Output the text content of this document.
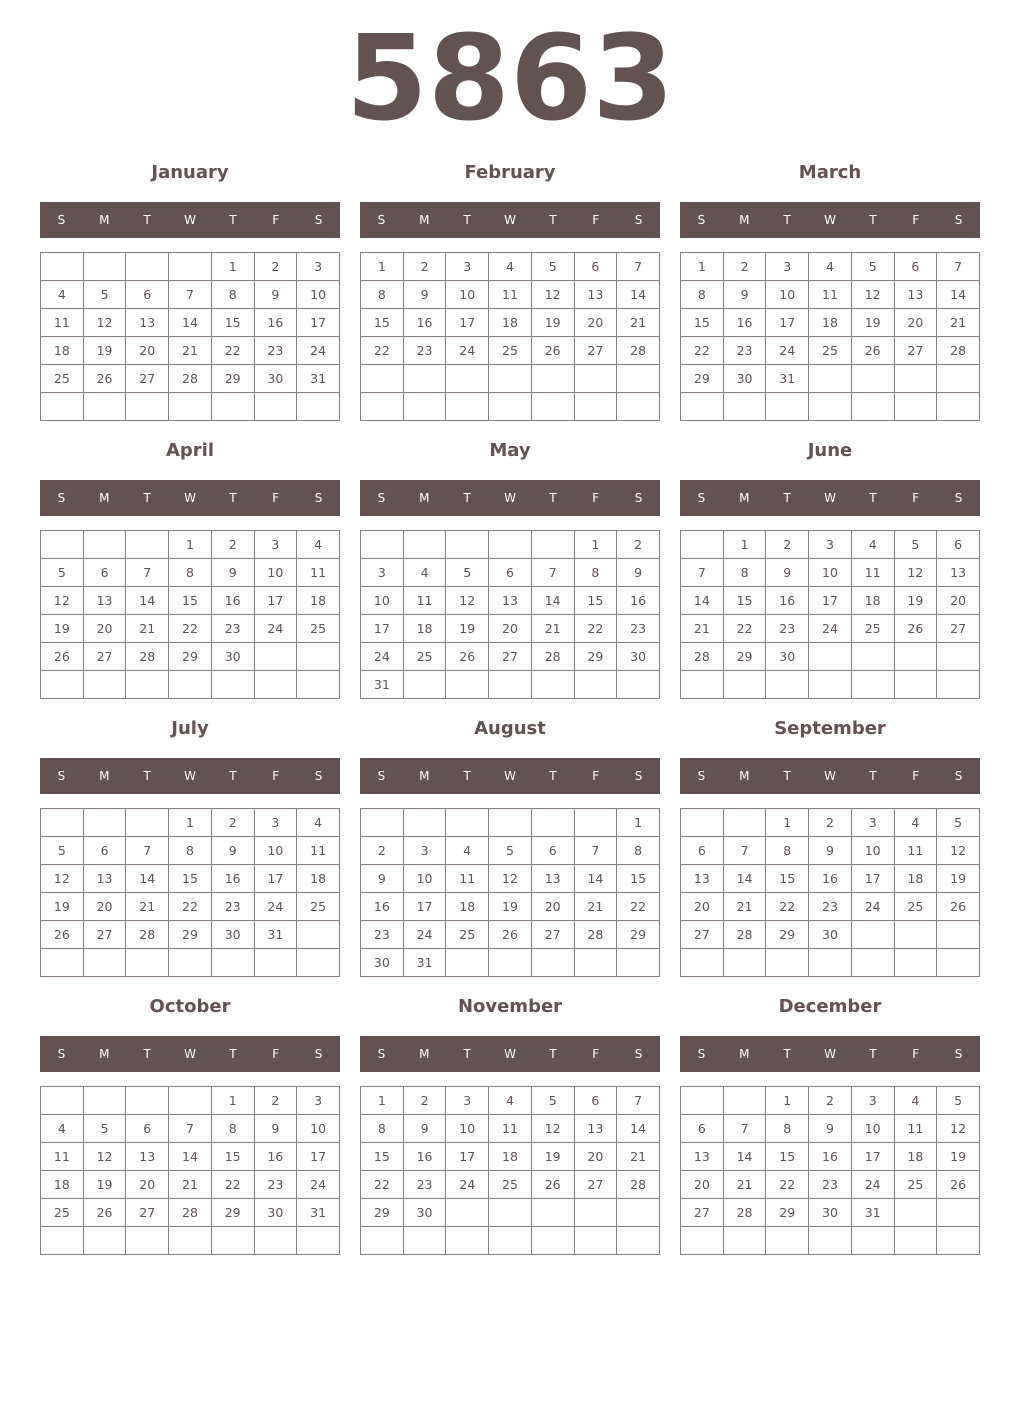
5863
January
S	M	T	W	T	F	S
				1	2	3
4	5	6	7	8	9	10
11	12	13	14	15	16	17
18	19	20	21	22	23	24
25	26	27	28	29	30	31

February
S	M	T	W	T	F	S
1	2	3	4	5	6	7
8	9	10	11	12	13	14
15	16	17	18	19	20	21
22	23	24	25	26	27	28

March
S	M	T	W	T	F	S
1	2	3	4	5	6	7
8	9	10	11	12	13	14
15	16	17	18	19	20	21
22	23	24	25	26	27	28
29	30	31				

April
S	M	T	W	T	F	S
			1	2	3	4
5	6	7	8	9	10	11
12	13	14	15	16	17	18
19	20	21	22	23	24	25
26	27	28	29	30		

May
S	M	T	W	T	F	S
					1	2
3	4	5	6	7	8	9
10	11	12	13	14	15	16
17	18	19	20	21	22	23
24	25	26	27	28	29	30
31						
June
S	M	T	W	T	F	S
	1	2	3	4	5	6
7	8	9	10	11	12	13
14	15	16	17	18	19	20
21	22	23	24	25	26	27
28	29	30				

July
S	M	T	W	T	F	S
			1	2	3	4
5	6	7	8	9	10	11
12	13	14	15	16	17	18
19	20	21	22	23	24	25
26	27	28	29	30	31	

August
S	M	T	W	T	F	S
						1
2	3	4	5	6	7	8
9	10	11	12	13	14	15
16	17	18	19	20	21	22
23	24	25	26	27	28	29
30	31					
September
S	M	T	W	T	F	S
		1	2	3	4	5
6	7	8	9	10	11	12
13	14	15	16	17	18	19
20	21	22	23	24	25	26
27	28	29	30			

October
S	M	T	W	T	F	S
				1	2	3
4	5	6	7	8	9	10
11	12	13	14	15	16	17
18	19	20	21	22	23	24
25	26	27	28	29	30	31

November
S	M	T	W	T	F	S
1	2	3	4	5	6	7
8	9	10	11	12	13	14
15	16	17	18	19	20	21
22	23	24	25	26	27	28
29	30					

December
S	M	T	W	T	F	S
		1	2	3	4	5
6	7	8	9	10	11	12
13	14	15	16	17	18	19
20	21	22	23	24	25	26
27	28	29	30	31		
